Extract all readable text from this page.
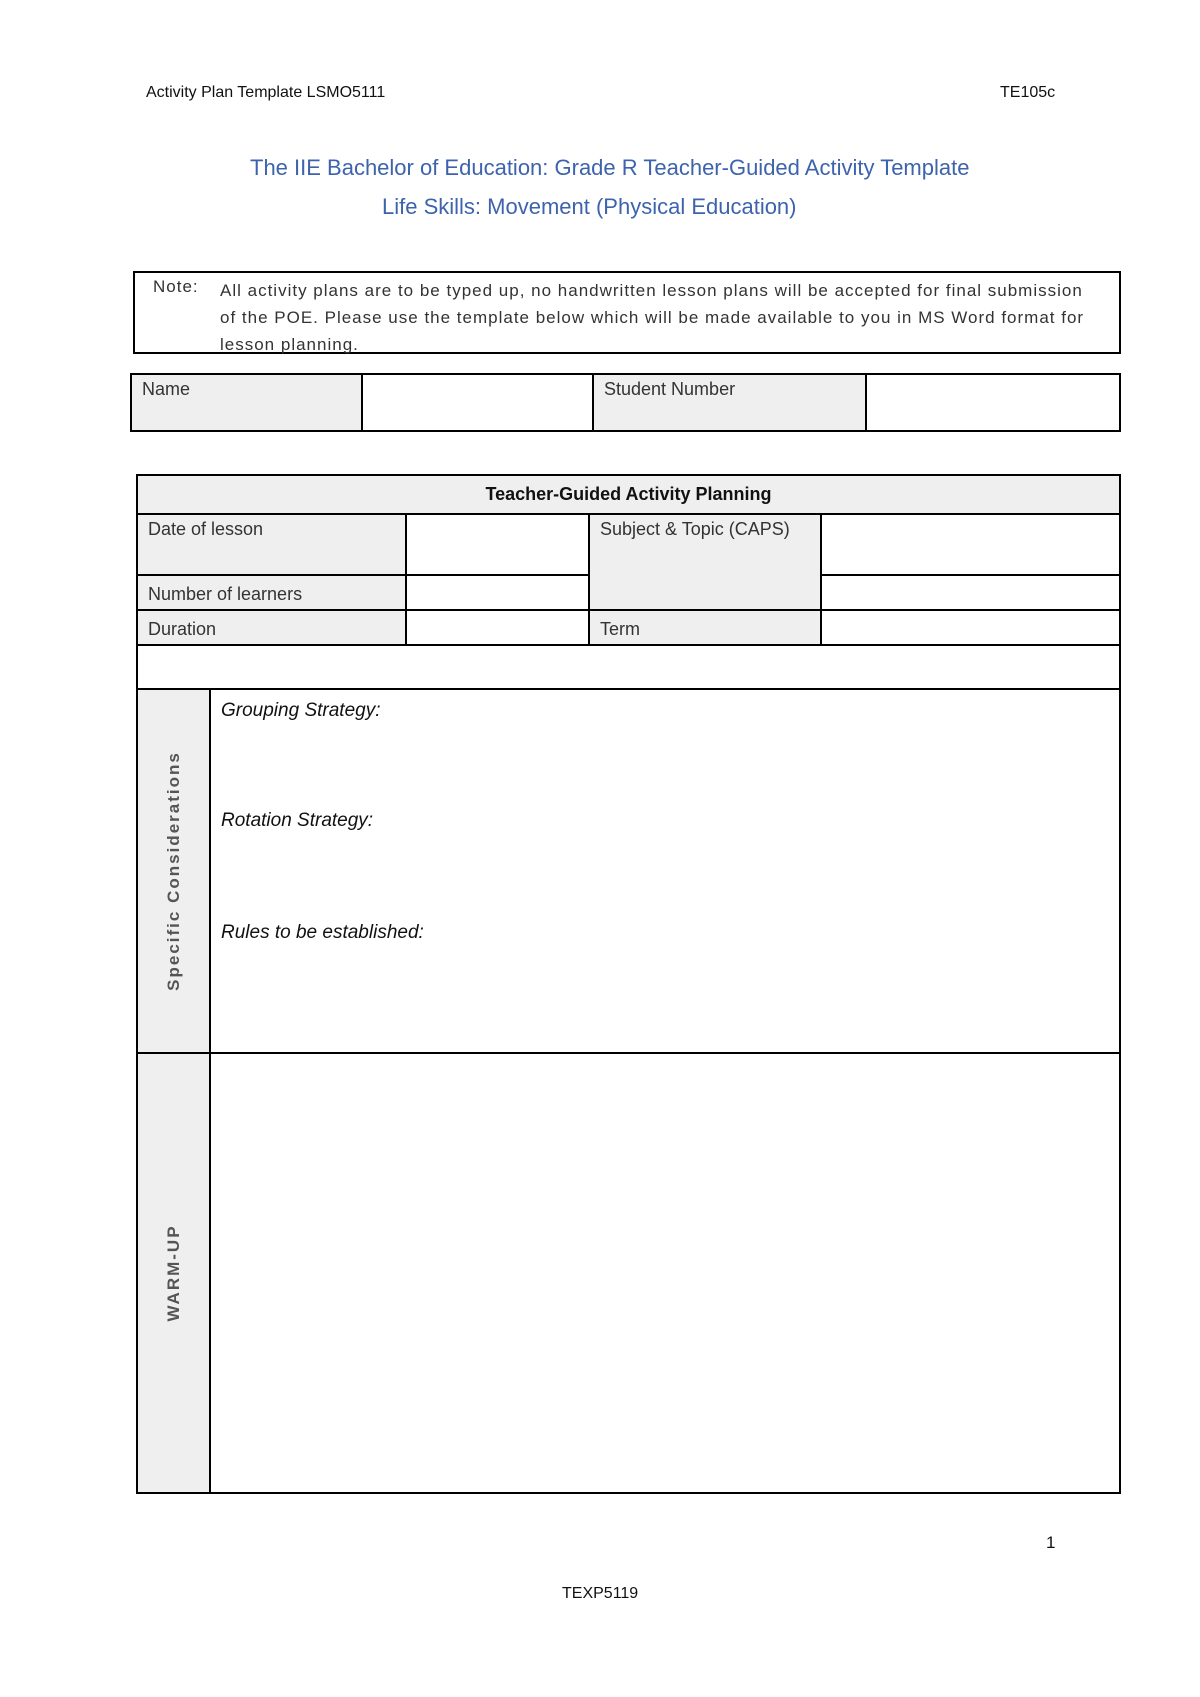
Activity Plan Template LSMO5111	TE105c
The IIE Bachelor of Education: Grade R Teacher-Guided Activity Template
Life Skills: Movement (Physical Education)
Note: All activity plans are to be typed up, no handwritten lesson plans will be accepted for final submission of the POE. Please use the template below which will be made available to you in MS Word format for lesson planning.
Name		Student Number	
Teacher-Guided Activity Planning				
Date of lesson			Subject & Topic (CAPS)	
Number of learners				
Duration			Term	

Specific Considerations	Grouping Strategy:
Rotation Strategy:
Rules to be established:			

WARM-UP				

1
TEXP5119
